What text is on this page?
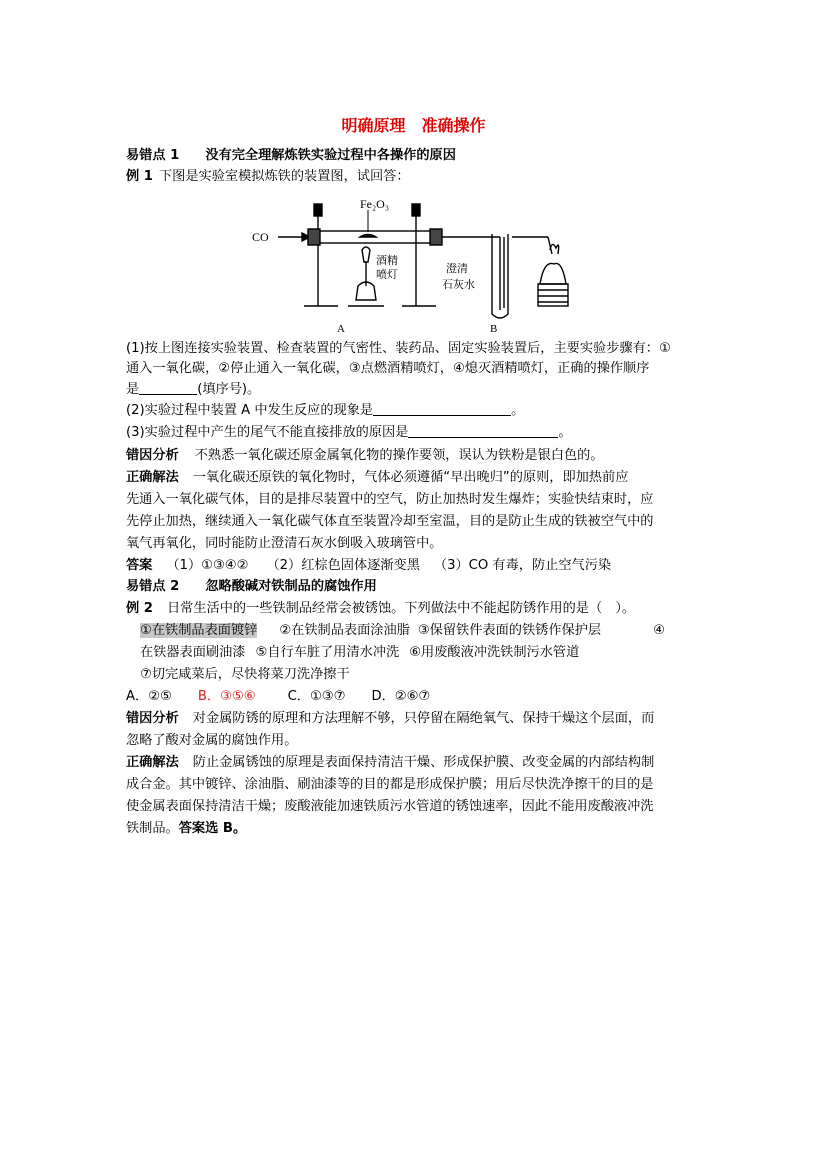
明确原理　准确操作
易错点 1 没有完全理解炼铁实验过程中各操作的原因
例 1 下图是实验室模拟炼铁的装置图，试回答：
CO
Fe₂O₃
酒精
喷灯	澄清
石灰水
A	B
(1)按上图连接实验装置、检查装置的气密性、装药品、固定实验装置后，主要实验步骤有：①
通入一氧化碳，②停止通入一氧化碳，③点燃酒精喷灯，④熄灭酒精喷灯，正确的操作顺序
是	(填序号)。
(2)实验过程中装置 A 中发生反应的现象是	。
(3)实验过程中产生的尾气不能直接排放的原因是	。
错因分析 不熟悉一氧化碳还原金属氧化物的操作要领，误认为铁粉是银白色的。
正确解法 一氧化碳还原铁的氧化物时，气体必须遵循“早出晚归”的原则，即加热前应
先通入一氧化碳气体，目的是排尽装置中的空气，防止加热时发生爆炸；实验快结束时，应
先停止加热，继续通入一氧化碳气体直至装置冷却至室温，目的是防止生成的铁被空气中的
氧气再氧化，同时能防止澄清石灰水倒吸入玻璃管中。
答案 （1）①③④② （2）红棕色固体逐渐变黑 （3）CO 有毒，防止空气污染
易错点 2 忽略酸碱对铁制品的腐蚀作用
例 2 日常生活中的一些铁制品经常会被锈蚀。下列做法中不能起防锈作用的是（　）。
①在铁制品表面镀锌 ②在铁制品表面涂油脂 ③保留铁件表面的铁锈作保护层	④
在铁器表面刷油漆 ⑤自行车脏了用清水冲洗 ⑥用废酸液冲洗铁制污水管道
⑦切完咸菜后，尽快将菜刀洗净擦干
A．②⑤ B．③⑤⑥ C．①③⑦ D．②⑥⑦
错因分析 对金属防锈的原理和方法理解不够，只停留在隔绝氧气、保持干燥这个层面，而
忽略了酸对金属的腐蚀作用。
正确解法 防止金属锈蚀的原理是表面保持清洁干燥、形成保护膜、改变金属的内部结构制
成合金。其中镀锌、涂油脂、刷油漆等的目的都是形成保护膜；用后尽快洗净擦干的目的是
使金属表面保持清洁干燥；废酸液能加速铁质污水管道的锈蚀速率，因此不能用废酸液冲洗
铁制品。答案选 B。
